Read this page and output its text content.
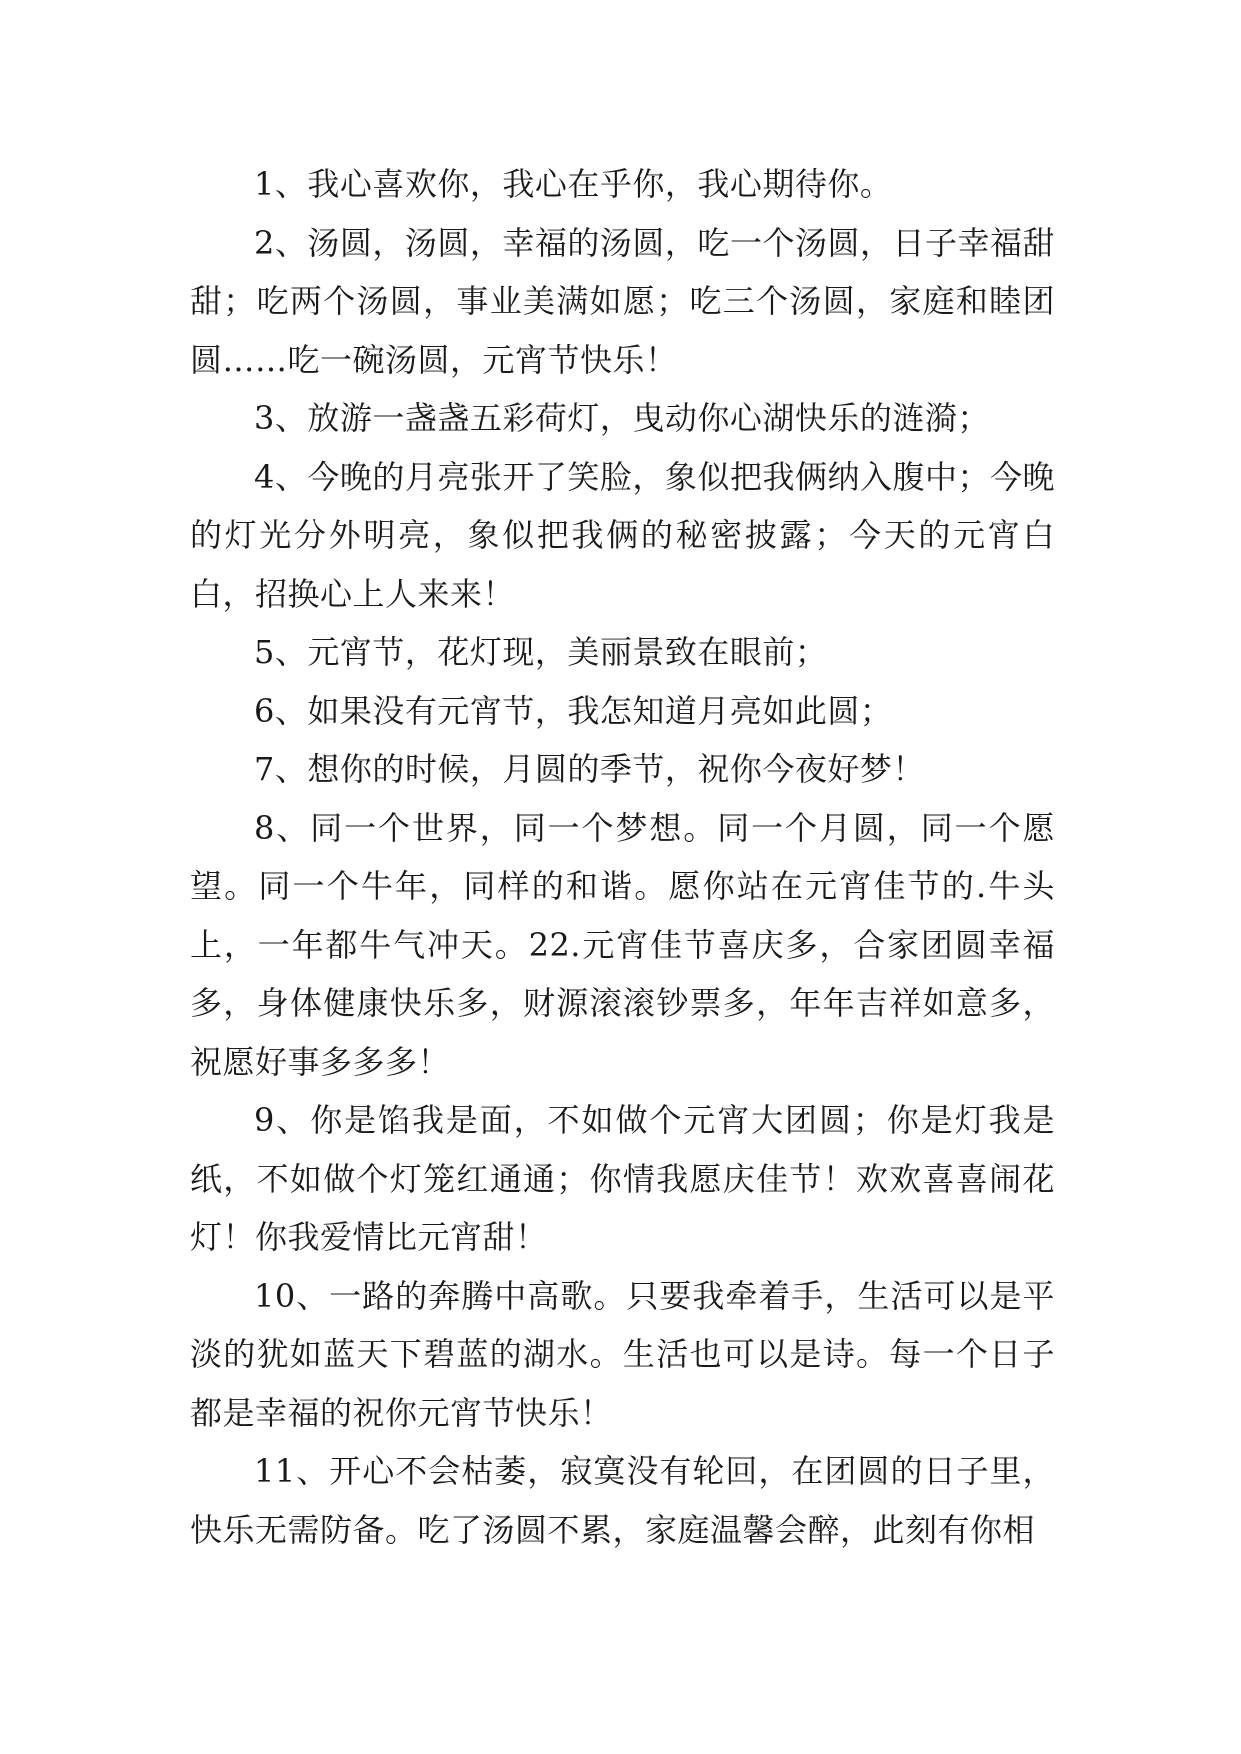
1、我心喜欢你，我心在乎你，我心期待你。

2、汤圆，汤圆，幸福的汤圆，吃一个汤圆，日子幸福甜甜；吃两个汤圆，事业美满如愿；吃三个汤圆，家庭和睦团圆……吃一碗汤圆，元宵节快乐！

3、放游一盏盏五彩荷灯，曳动你心湖快乐的涟漪；

4、今晚的月亮张开了笑脸，象似把我俩纳入腹中；今晚的灯光分外明亮，象似把我俩的秘密披露；今天的元宵白白，招换心上人来来！

5、元宵节，花灯现，美丽景致在眼前；

6、如果没有元宵节，我怎知道月亮如此圆；

7、想你的时候，月圆的季节，祝你今夜好梦！

8、同一个世界，同一个梦想。同一个月圆，同一个愿望。同一个牛年，同样的和谐。愿你站在元宵佳节的.牛头上，一年都牛气冲天。22.元宵佳节喜庆多，合家团圆幸福多，身体健康快乐多，财源滚滚钞票多，年年吉祥如意多，祝愿好事多多多！

9、你是馅我是面，不如做个元宵大团圆；你是灯我是纸，不如做个灯笼红通通；你情我愿庆佳节！欢欢喜喜闹花灯！你我爱情比元宵甜！

10、一路的奔腾中高歌。只要我牵着手，生活可以是平淡的犹如蓝天下碧蓝的湖水。生活也可以是诗。每一个日子都是幸福的祝你元宵节快乐！

11、开心不会枯萎，寂寞没有轮回，在团圆的日子里，快乐无需防备。吃了汤圆不累，家庭温馨会醉，此刻有你相
